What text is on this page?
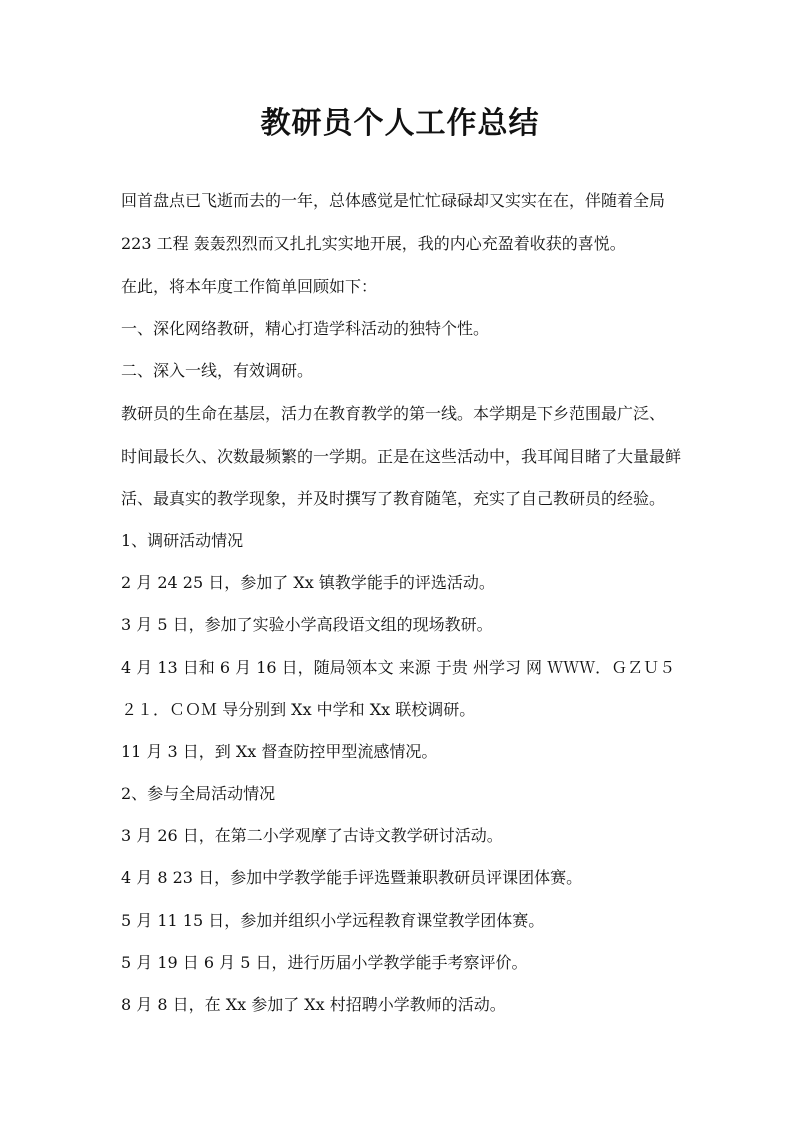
教研员个人工作总结
回首盘点已飞逝而去的一年，总体感觉是忙忙碌碌却又实实在在，伴随着全局
223 工程 轰轰烈烈而又扎扎实实地开展，我的内心充盈着收获的喜悦。
在此，将本年度工作简单回顾如下：
一、深化网络教研，精心打造学科活动的独特个性。
二、深入一线，有效调研。
教研员的生命在基层，活力在教育教学的第一线。本学期是下乡范围最广泛、
时间最长久、次数最频繁的一学期。正是在这些活动中，我耳闻目睹了大量最鲜
活、最真实的教学现象，并及时撰写了教育随笔，充实了自己教研员的经验。
1、调研活动情况
2 月 24 25 日，参加了 Xx 镇教学能手的评选活动。
3 月 5 日，参加了实验小学高段语文组的现场教研。
4 月 13 日和 6 月 16 日，随局领本文 来源 于贵 州学习 网 ＷＷＷ．ＧＺＵ５
２１．ＣＯＭ 导分别到 Xx 中学和 Xx 联校调研。
11 月 3 日，到 Xx 督查防控甲型流感情况。
2、参与全局活动情况
3 月 26 日，在第二小学观摩了古诗文教学研讨活动。
4 月 8 23 日，参加中学教学能手评选暨兼职教研员评课团体赛。
5 月 11 15 日，参加并组织小学远程教育课堂教学团体赛。
5 月 19 日 6 月 5 日，进行历届小学教学能手考察评价。
8 月 8 日，在 Xx 参加了 Xx 村招聘小学教师的活动。
